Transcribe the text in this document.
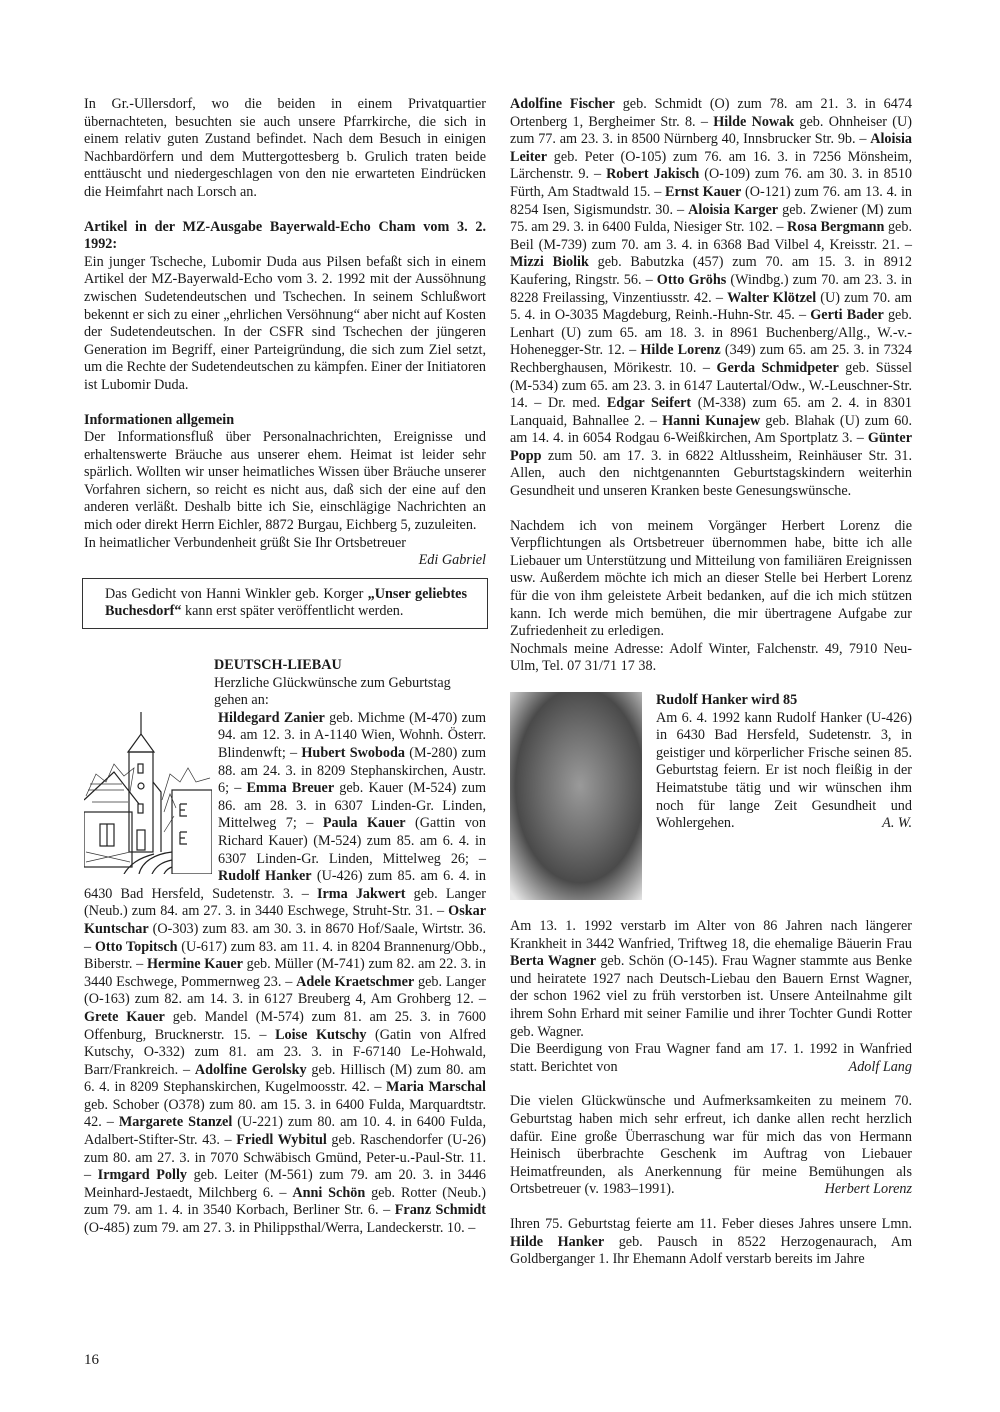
In Gr.-Ullersdorf, wo die beiden in einem Privatquartier übernachteten, besuchten sie auch unsere Pfarrkirche, die sich in einem relativ guten Zustand befindet. Nach dem Besuch in einigen Nachbardörfern und dem Muttergottesberg b. Grulich traten beide enttäuscht und niedergeschlagen von den nie erwarteten Eindrücken die Heimfahrt nach Lorsch an.

Artikel in der MZ-Ausgabe Bayerwald-Echo Cham vom 3. 2. 1992:

Ein junger Tscheche, Lubomir Duda aus Pilsen befaßt sich in einem Artikel der MZ-Bayerwald-Echo vom 3. 2. 1992 mit der Aussöhnung zwischen Sudetendeutschen und Tschechen. In seinem Schlußwort bekennt er sich zu einer „ehrlichen Versöhnung“ aber nicht auf Kosten der Sudetendeutschen. In der CSFR sind Tschechen der jüngeren Generation im Begriff, einer Parteigründung, die sich zum Ziel setzt, um die Rechte der Sudetendeutschen zu kämpfen. Einer der Initiatoren ist Lubomir Duda.

Informationen allgemein

Der Informationsfluß über Personalnachrichten, Ereignisse und erhaltenswerte Bräuche aus unserer ehem. Heimat ist leider sehr spärlich. Wollten wir unser heimatliches Wissen über Bräuche unserer Vorfahren sichern, so reicht es nicht aus, daß sich der eine auf den anderen verläßt. Deshalb bitte ich Sie, einschlägige Nachrichten an mich oder direkt Herrn Eichler, 8872 Burgau, Eichberg 5, zuzuleiten.

In heimatlicher Verbundenheit grüßt Sie Ihr Ortsbetreuer

Edi Gabriel

Das Gedicht von Hanni Winkler geb. Korger „Unser geliebtes Buchesdorf“ kann erst später veröffentlicht werden.

DEUTSCH-LIEBAU

Herzliche Glückwünsche zum Geburtstag gehen an:

Hildegard Zanier geb. Michme (M-470) zum 94. am 12. 3. in A-1140 Wien, Wohnh. Österr. Blindenwft; – Hubert Swoboda (M-280) zum 88. am 24. 3. in 8209 Stephanskirchen, Austr. 6; – Emma Breuer geb. Kauer (M-524) zum 86. am 28. 3. in 6307 Linden-Gr. Linden, Mittelweg 7; – Paula Kauer (Gattin von Richard Kauer) (M-524) zum 85. am 6. 4. in 6307 Linden-Gr. Linden, Mittelweg 26; – Rudolf Hanker (U-426) zum 85. am 6. 4. in 6430 Bad Hersfeld, Sudetenstr. 3. – Irma Jakwert geb. Langer (Neub.) zum 84. am 27. 3. in 3440 Eschwege, Struht-Str. 31. – Oskar Kuntschar (O-303) zum 83. am 30. 3. in 8670 Hof/Saale, Wirtstr. 36. – Otto Topitsch (U-617) zum 83. am 11. 4. in 8204 Brannenurg/Obb., Biberstr. – Hermine Kauer geb. Müller (M-741) zum 82. am 22. 3. in 3440 Eschwege, Pommernweg 23. – Adele Kraetschmer geb. Langer (O-163) zum 82. am 14. 3. in 6127 Breuberg 4, Am Grohberg 12. – Grete Kauer geb. Mandel (M-574) zum 81. am 25. 3. in 7600 Offenburg, Brucknerstr. 15. – Loise Kutschy (Gatin von Alfred Kutschy, O-332) zum 81. am 23. 3. in F-67140 Le-Hohwald, Barr/Frankreich. – Adolfine Gerolsky geb. Hillisch (M) zum 80. am 6. 4. in 8209 Stephanskirchen, Kugelmoosstr. 42. – Maria Marschal geb. Schober (O378) zum 80. am 15. 3. in 6400 Fulda, Marquardtstr. 42. – Margarete Stanzel (U-221) zum 80. am 10. 4. in 6400 Fulda, Adalbert-Stifter-Str. 43. – Friedl Wybitul geb. Raschendorfer (U-26) zum 80. am 27. 3. in 7070 Schwäbisch Gmünd, Peter-u.-Paul-Str. 11. – Irmgard Polly geb. Leiter (M-561) zum 79. am 20. 3. in 3446 Meinhard-Jestaedt, Milchberg 6. – Anni Schön geb. Rotter (Neub.) zum 79. am 1. 4. in 3540 Korbach, Berliner Str. 6. – Franz Schmidt (O-485) zum 79. am 27. 3. in Philippsthal/Werra, Landeckerstr. 10. –

Adolfine Fischer geb. Schmidt (O) zum 78. am 21. 3. in 6474 Ortenberg 1, Bergheimer Str. 8. – Hilde Nowak geb. Ohnheiser (U) zum 77. am 23. 3. in 8500 Nürnberg 40, Innsbrucker Str. 9b. – Aloisia Leiter geb. Peter (O-105) zum 76. am 16. 3. in 7256 Mönsheim, Lärchenstr. 9. – Robert Jakisch (O-109) zum 76. am 30. 3. in 8510 Fürth, Am Stadtwald 15. – Ernst Kauer (O-121) zum 76. am 13. 4. in 8254 Isen, Sigismundstr. 30. – Aloisia Karger geb. Zwiener (M) zum 75. am 29. 3. in 6400 Fulda, Niesiger Str. 102. – Rosa Bergmann geb. Beil (M-739) zum 70. am 3. 4. in 6368 Bad Vilbel 4, Kreisstr. 21. – Mizzi Biolik geb. Babutzka (457) zum 70. am 15. 3. in 8912 Kaufering, Ringstr. 56. – Otto Gröhs (Windbg.) zum 70. am 23. 3. in 8228 Freilassing, Vinzentiusstr. 42. – Walter Klötzel (U) zum 70. am 5. 4. in O-3035 Magdeburg, Reinh.-Huhn-Str. 45. – Gerti Bader geb. Lenhart (U) zum 65. am 18. 3. in 8961 Buchenberg/Allg., W.-v.-Hohenegger-Str. 12. – Hilde Lorenz (349) zum 65. am 25. 3. in 7324 Rechberghausen, Mörikestr. 10. – Gerda Schmidpeter geb. Süssel (M-534) zum 65. am 23. 3. in 6147 Lautertal/Odw., W.-Leuschner-Str. 14. – Dr. med. Edgar Seifert (M-338) zum 65. am 2. 4. in 8301 Lanquaid, Bahnallee 2. – Hanni Kunajew geb. Blahak (U) zum 60. am 14. 4. in 6054 Rodgau 6-Weißkirchen, Am Sportplatz 3. – Günter Popp zum 50. am 17. 3. in 6822 Altlussheim, Reinhäuser Str. 31. Allen, auch den nichtgenannten Geburtstagskindern weiterhin Gesundheit und unseren Kranken beste Genesungswünsche.

Nachdem ich von meinem Vorgänger Herbert Lorenz die Verpflichtungen als Ortsbetreuer übernommen habe, bitte ich alle Liebauer um Unterstützung und Mitteilung von familiären Ereignissen usw. Außerdem möchte ich mich an dieser Stelle bei Herbert Lorenz für die von ihm geleistete Arbeit bedanken, auf die ich mich stützen kann. Ich werde mich bemühen, die mir übertragene Aufgabe zur Zufriedenheit zu erledigen.

Nochmals meine Adresse: Adolf Winter, Falchenstr. 49, 7910 Neu-Ulm, Tel. 07 31/71 17 38.

Rudolf Hanker wird 85

Am 6. 4. 1992 kann Rudolf Hanker (U-426) in 6430 Bad Hersfeld, Sudetenstr. 3, in geistiger und körperlicher Frische seinen 85. Geburtstag feiern. Er ist noch fleißig in der Heimatstube tätig und wir wünschen ihm noch für lange Zeit Gesundheit und Wohlergehen.	A. W.

Am 13. 1. 1992 verstarb im Alter von 86 Jahren nach längerer Krankheit in 3442 Wanfried, Triftweg 18, die ehemalige Bäuerin Frau Berta Wagner geb. Schön (O-145). Frau Wagner stammte aus Benke und heiratete 1927 nach Deutsch-Liebau den Bauern Ernst Wagner, der schon 1962 viel zu früh verstorben ist. Unsere Anteilnahme gilt ihrem Sohn Erhard mit seiner Familie und ihrer Tochter Gundi Rotter geb. Wagner.

Die Beerdigung von Frau Wagner fand am 17. 1. 1992 in Wanfried statt. Berichtet von	Adolf Lang

Die vielen Glückwünsche und Aufmerksamkeiten zu meinem 70. Geburtstag haben mich sehr erfreut, ich danke allen recht herzlich dafür. Eine große Überraschung war für mich das von Hermann Heinisch überbrachte Geschenk im Auftrag von Liebauer Heimatfreunden, als Anerkennung für meine Bemühungen als Ortsbetreuer (v. 1983–1991).	Herbert Lorenz

Ihren 75. Geburtstag feierte am 11. Feber dieses Jahres unsere Lmn. Hilde Hanker geb. Pausch in 8522 Herzogenaurach, Am Goldberganger 1. Ihr Ehemann Adolf verstarb bereits im Jahre

16
